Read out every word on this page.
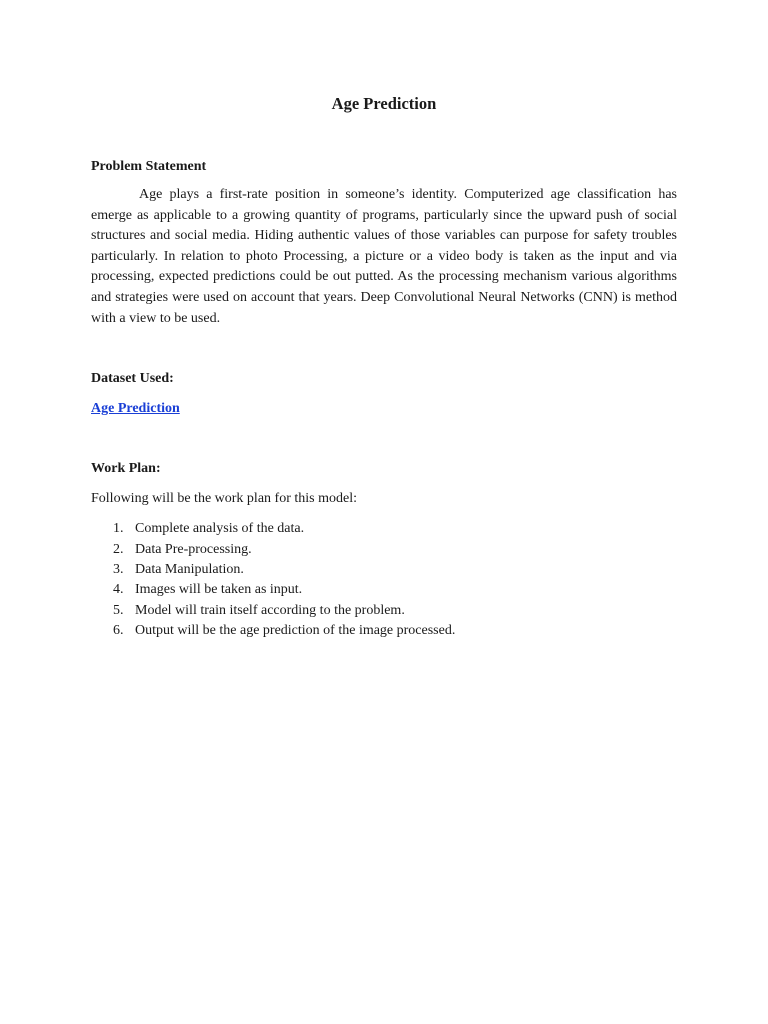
Age Prediction
Problem Statement

Age plays a first-rate position in someone’s identity. Computerized age classification has emerge as applicable to a growing quantity of programs, particularly since the upward push of social structures and social media. Hiding authentic values of those variables can purpose for safety troubles particularly. In relation to photo Processing, a picture or a video body is taken as the input and via processing, expected predictions could be out putted. As the processing mechanism various algorithms and strategies were used on account that years. Deep Convolutional Neural Networks (CNN) is method with a view to be used.

Dataset Used:
Age Prediction
Work Plan:

Following will be the work plan for this model:

1. Complete analysis of the data.
2. Data Pre-processing.
3. Data Manipulation.
4. Images will be taken as input.
5. Model will train itself according to the problem.
6. Output will be the age prediction of the image processed.
